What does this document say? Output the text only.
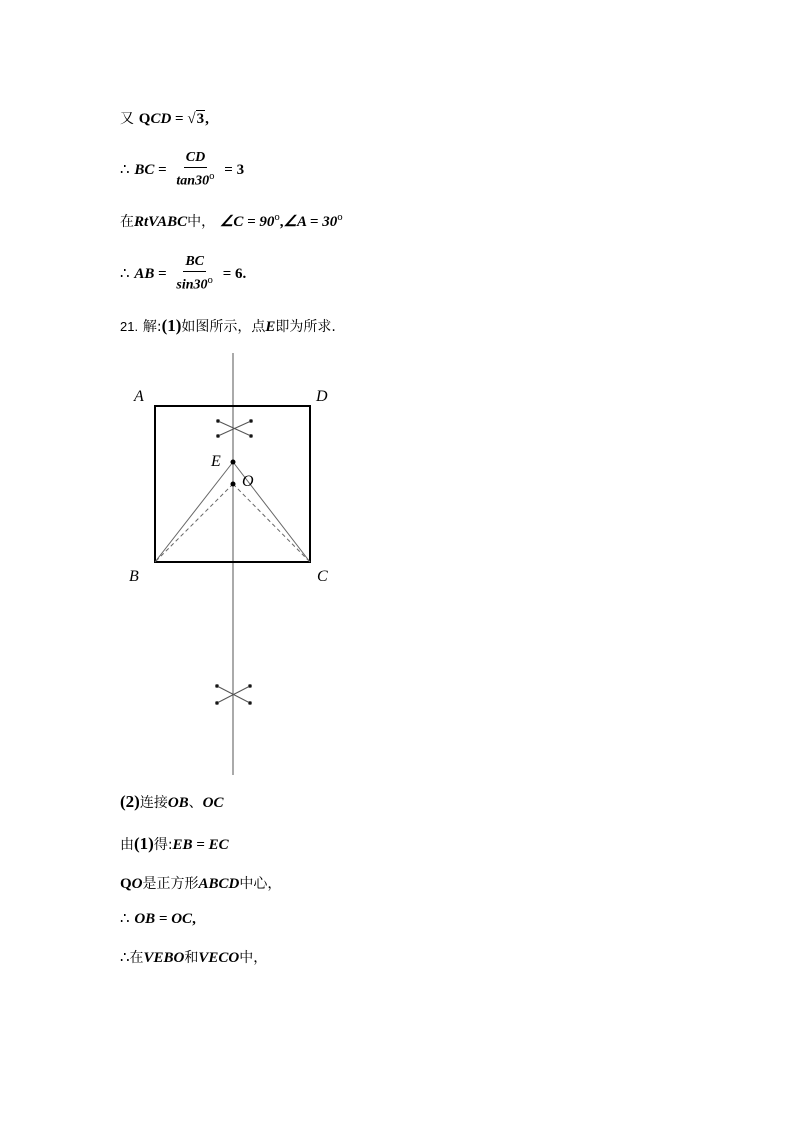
又 QCD = √3,
∴ BC = $\frac{CD}{\tan 30^o} = 3$
在RtVABC中， ∠C = $90^o,\angle A = 30^o$
∴ AB = $\frac{BC}{\sin 30^o} = 6$.
21. 解:(1)如图所示，点E即为所求.
A	D
B	C
E
O
(2)连接OB、OC
由(1)得:EB = EC
QO是正方形ABCD中心，
∴ OB = OC,
∴在VEBO和VECO中，
